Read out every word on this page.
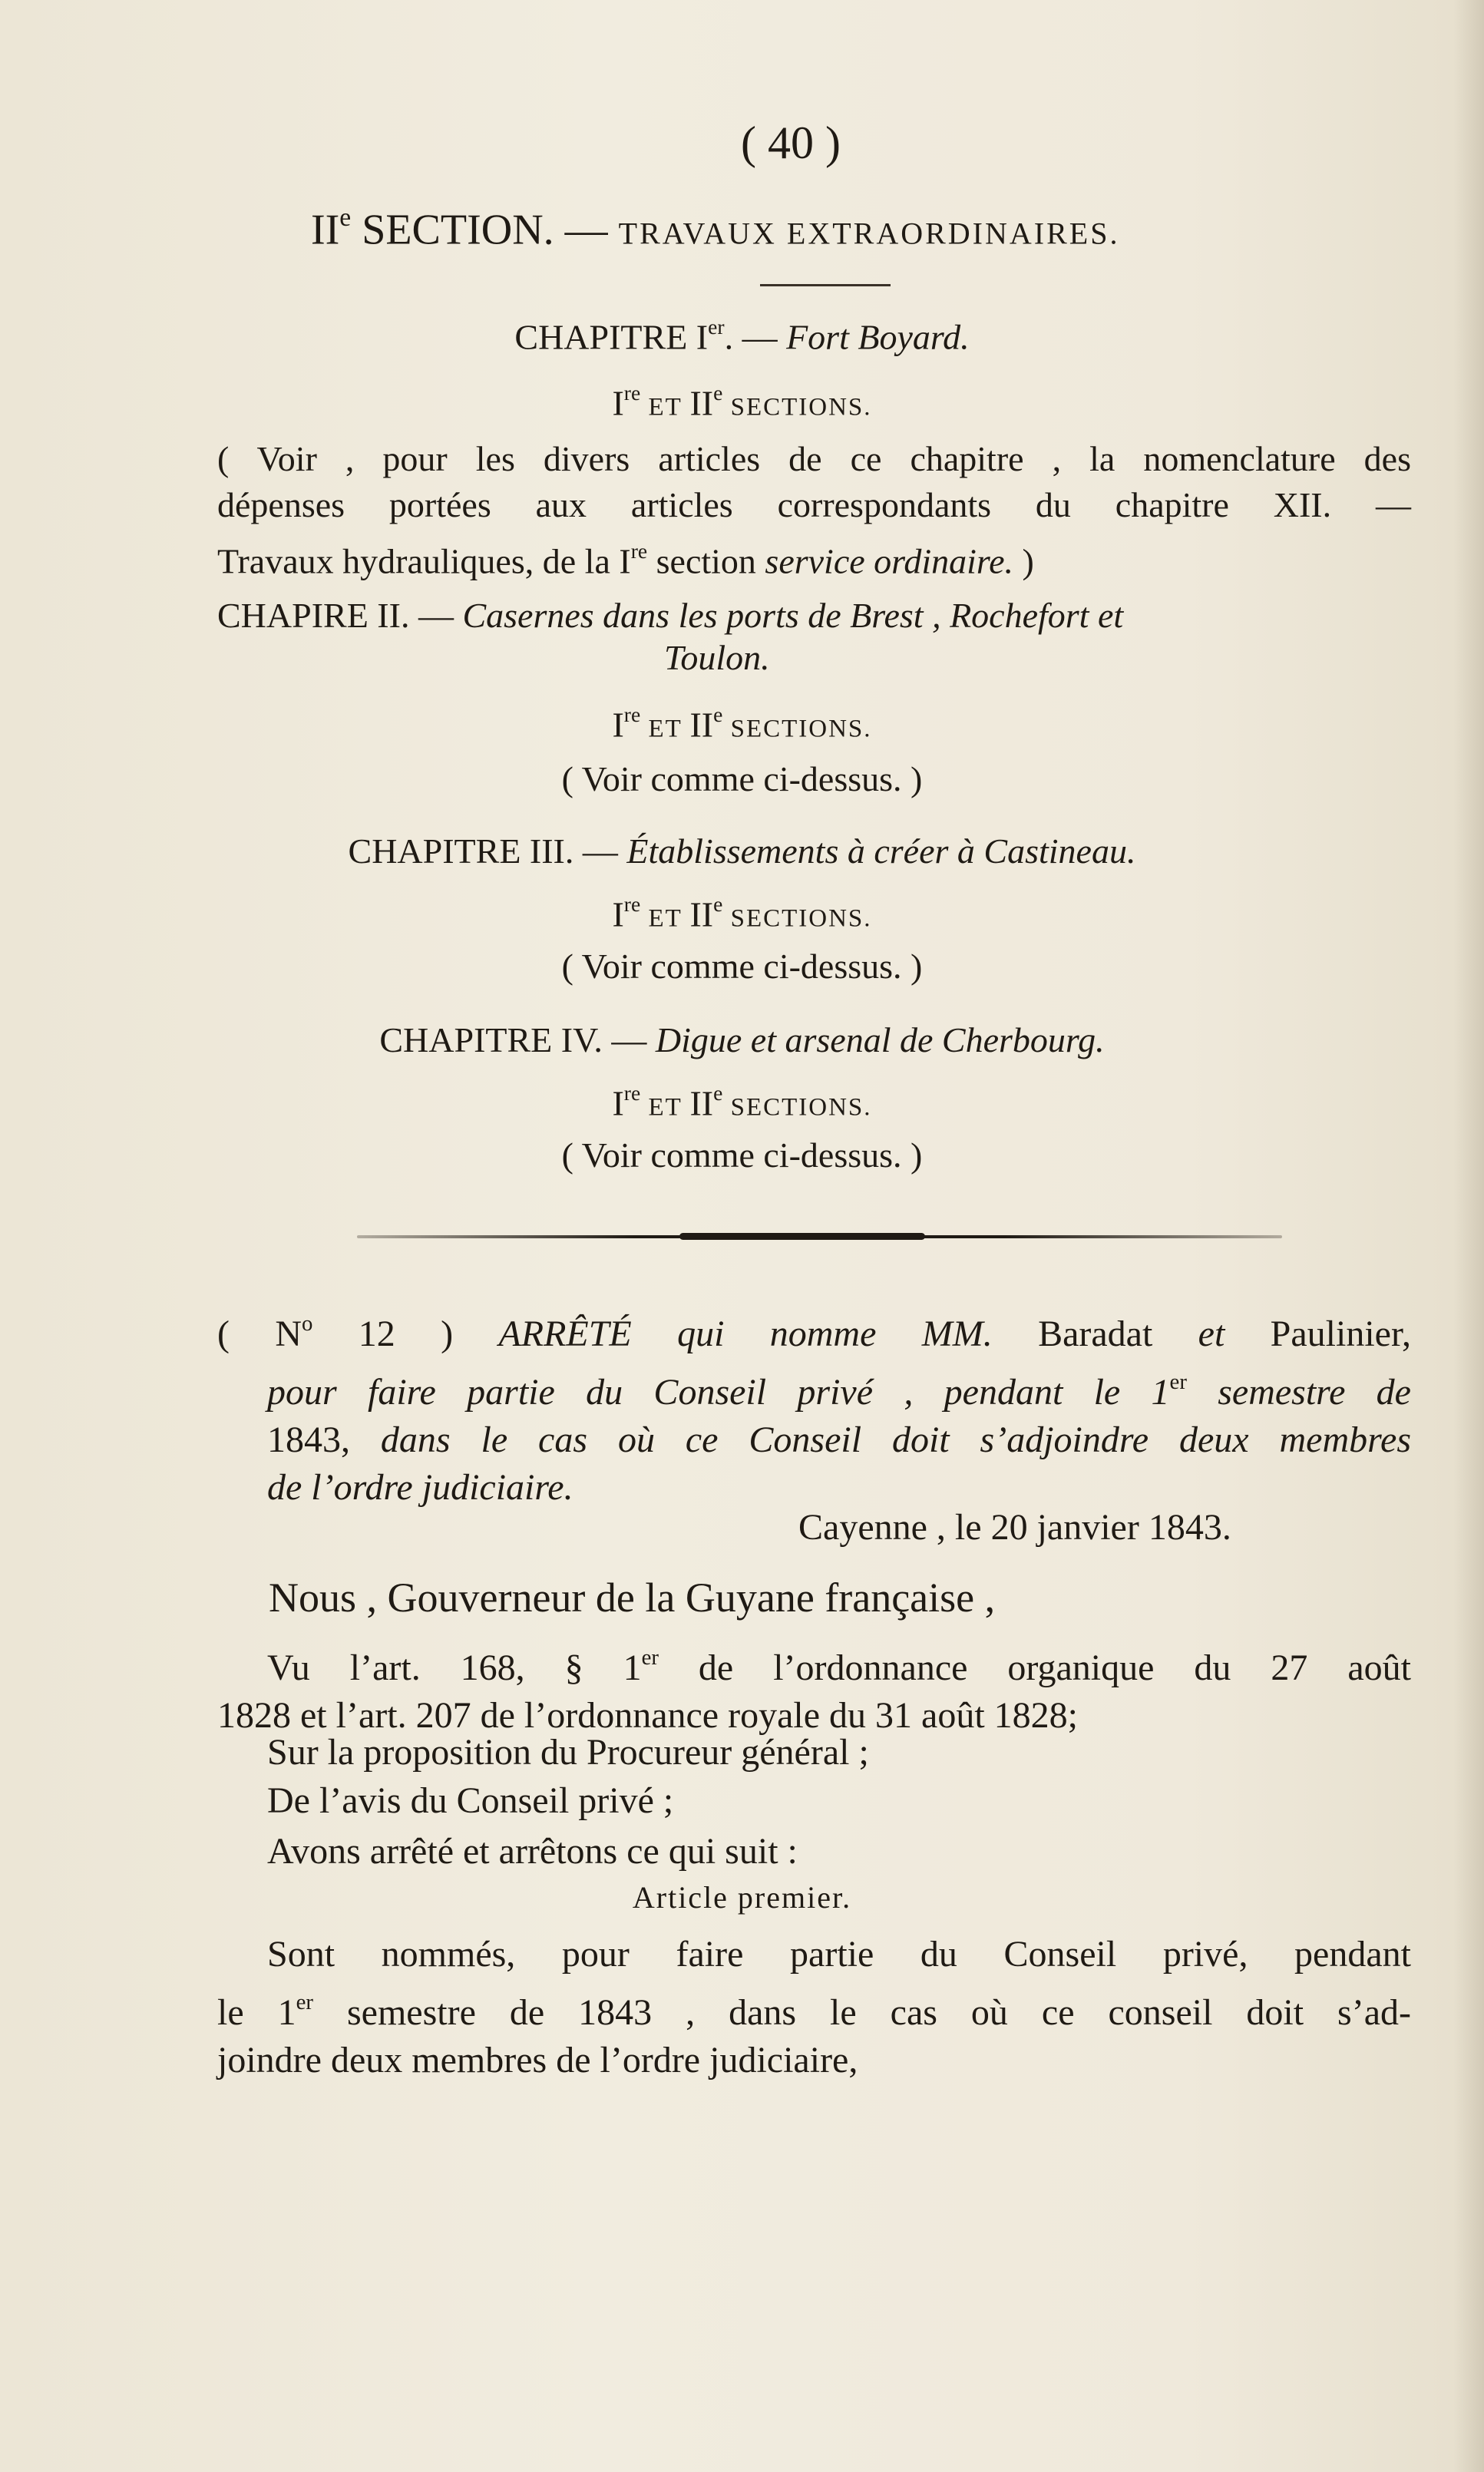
( 40 )
IIe SECTION. — TRAVAUX EXTRAORDINAIRES.
CHAPITRE Ier. — Fort Boyard.
Ire ET IIe SECTIONS.
( Voir , pour les divers articles de ce chapitre , la nomenclature des
dépenses portées aux articles correspondants du chapitre XII. —
Travaux hydrauliques, de la Ire section service ordinaire. )
CHAPIRE II. — Casernes dans les ports de Brest , Rochefort et
Toulon.
Ire ET IIe SECTIONS.
( Voir comme ci-dessus. )
CHAPITRE III. — Établissements à créer à Castineau.
Ire ET IIe SECTIONS.
( Voir comme ci-dessus. )
CHAPITRE IV. — Digue et arsenal de Cherbourg.
Ire ET IIe SECTIONS.
( Voir comme ci-dessus. )
( $N^o$ 12 ) ARRÊTÉ qui nomme MM. Baradat et Paulinier,
pour faire partie du Conseil privé , pendant le 1er semestre de
1843, dans le cas où ce Conseil doit s’adjoindre deux membres
de l’ordre judiciaire.
Cayenne , le 20 janvier 1843.
Nous , Gouverneur de la Guyane française ,
Vu l’art. 168, § 1er de l’ordonnance organique du 27 août
1828 et l’art. 207 de l’ordonnance royale du 31 août 1828;
Sur la proposition du Procureur général ;
De l’avis du Conseil privé ;
Avons arrêté et arrêtons ce qui suit :
Article premier.
Sont nommés, pour faire partie du Conseil privé, pendant
le 1er semestre de 1843 , dans le cas où ce conseil doit s’ad-
joindre deux membres de l’ordre judiciaire,
